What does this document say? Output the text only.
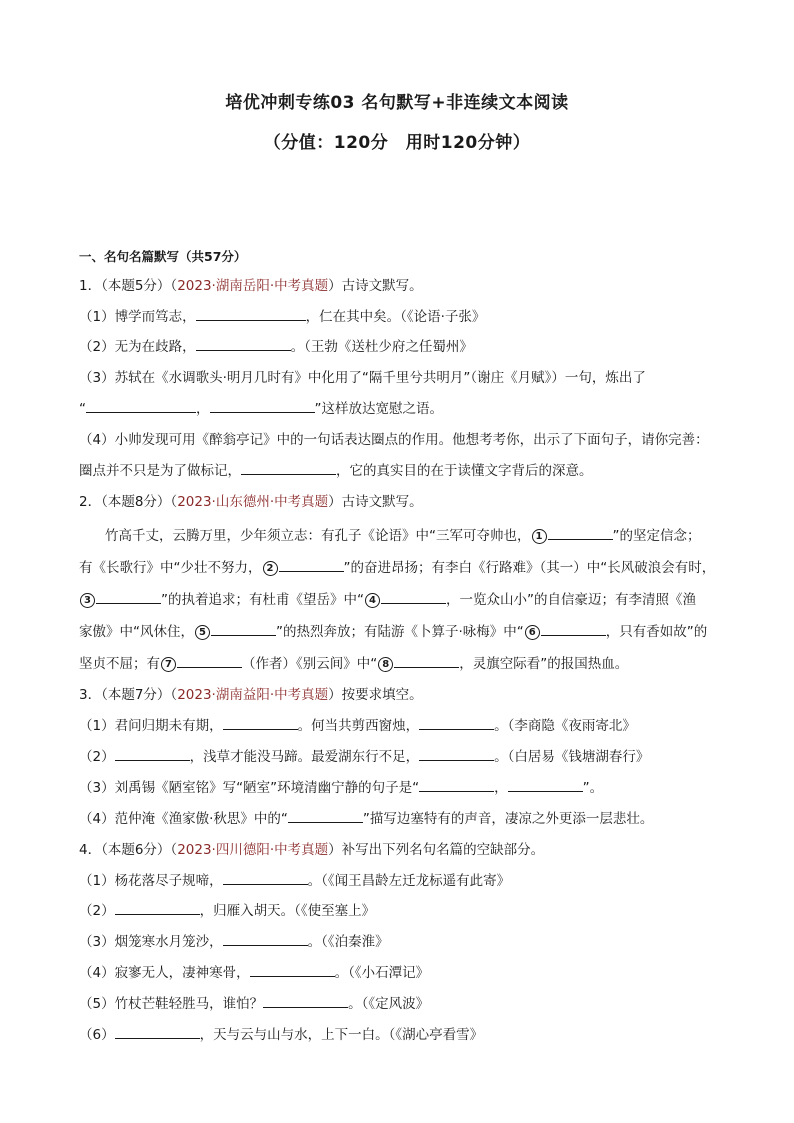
培优冲刺专练03 名句默写+非连续文本阅读
（分值：120分　用时120分钟）
一、名句名篇默写（共57分）
1．（本题5分）（2023·湖南岳阳·中考真题）古诗文默写。
（1）博学而笃志，	，仁在其中矣。（《论语·子张》
（2）无为在歧路，	。（王勃《送杜少府之任蜀州》
（3）苏轼在《水调歌头·明月几时有》中化用了“隔千里兮共明月”（谢庄《月赋》）一句，炼出了
“	，	”这样放达宽慰之语。
（4）小帅发现可用《醉翁亭记》中的一句话表达圈点的作用。他想考考你，出示了下面句子，请你完善：
圈点并不只是为了做标记，	，它的真实目的在于读懂文字背后的深意。
2．（本题8分）（2023·山东德州·中考真题）古诗文默写。
竹高千丈，云腾万里，少年须立志：有孔子《论语》中“三军可夺帅也， 1	”的坚定信念；
有《长歌行》中“少壮不努力， 2	”的奋进昂扬；有李白《行路难》（其一）中“长风破浪会有时，
3	”的执着追求；有杜甫《望岳》中“ 4	，一览众山小”的自信豪迈；有李清照《渔
家傲》中“风休住， 5	”的热烈奔放；有陆游《卜算子·咏梅》中“ 6	，只有香如故”的
坚贞不屈；有 7	（作者）《别云间》中“ 8	，灵旗空际看”的报国热血。
3．（本题7分）（2023·湖南益阳·中考真题）按要求填空。
（1）君问归期未有期，	。何当共剪西窗烛，	。（李商隐《夜雨寄北》
（2）	，浅草才能没马蹄。最爱湖东行不足，	。（白居易《钱塘湖春行》
（3）刘禹锡《陋室铭》写“陋室”环境清幽宁静的句子是“	，	”。
（4）范仲淹《渔家傲·秋思》中的“	”描写边塞特有的声音，凄凉之外更添一层悲壮。
4．（本题6分）（2023·四川德阳·中考真题）补写出下列名句名篇的空缺部分。
（1）杨花落尽子规啼，	。（《闻王昌龄左迁龙标遥有此寄》
（2）	，归雁入胡天。（《使至塞上》
（3）烟笼寒水月笼沙，	。（《泊秦淮》
（4）寂寥无人，凄神寒骨，	。（《小石潭记》
（5）竹杖芒鞋轻胜马，谁怕？	。（《定风波》
（6）	，天与云与山与水，上下一白。（《湖心亭看雪》
